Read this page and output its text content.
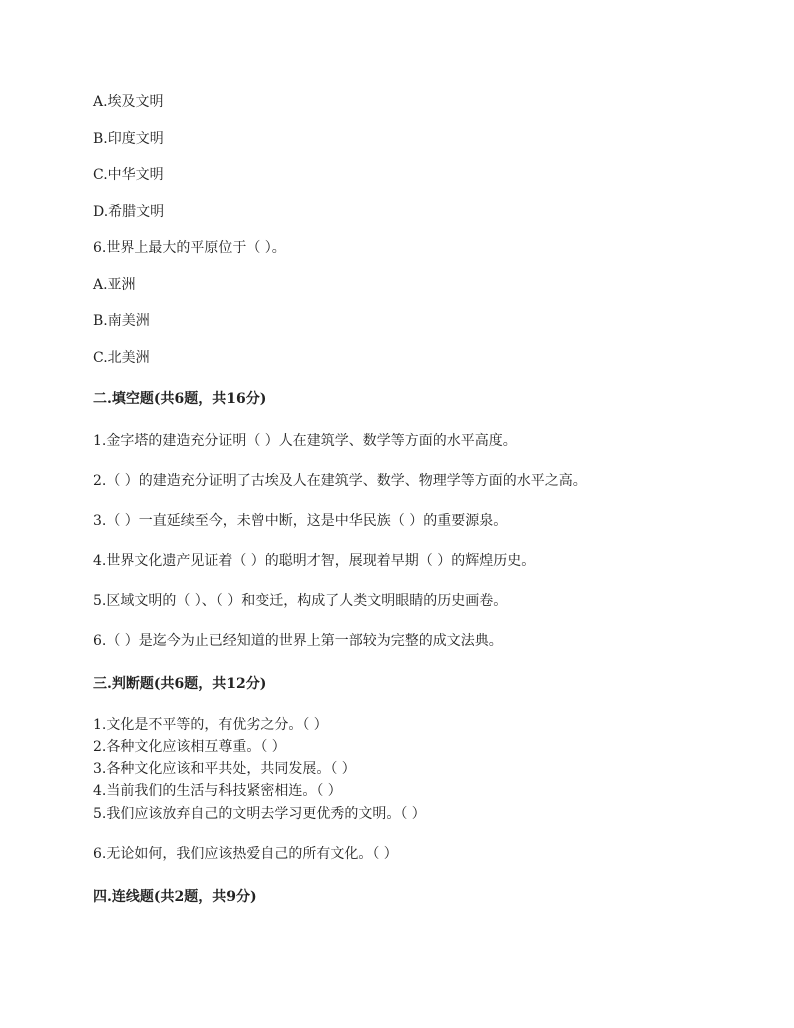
A.埃及文明
B.印度文明
C.中华文明
D.希腊文明
6.世界上最大的平原位于（ ）。
A.亚洲
B.南美洲
C.北美洲
二.填空题(共6题，共16分)
1.金字塔的建造充分证明（ ）人在建筑学、数学等方面的水平高度。
2.（ ）的建造充分证明了古埃及人在建筑学、数学、物理学等方面的水平之高。
3.（ ）一直延续至今，未曾中断，这是中华民族（ ）的重要源泉。
4.世界文化遗产见证着（ ）的聪明才智，展现着早期（ ）的辉煌历史。
5.区域文明的（ ）、（ ）和变迁，构成了人类文明眼睛的历史画卷。
6.（ ）是迄今为止已经知道的世界上第一部较为完整的成文法典。
三.判断题(共6题，共12分)
1.文化是不平等的，有优劣之分。（ ）
2.各种文化应该相互尊重。（ ）
3.各种文化应该和平共处，共同发展。（ ）
4.当前我们的生活与科技紧密相连。（ ）
5.我们应该放弃自己的文明去学习更优秀的文明。（ ）
6.无论如何，我们应该热爱自己的所有文化。（ ）
四.连线题(共2题，共9分)
